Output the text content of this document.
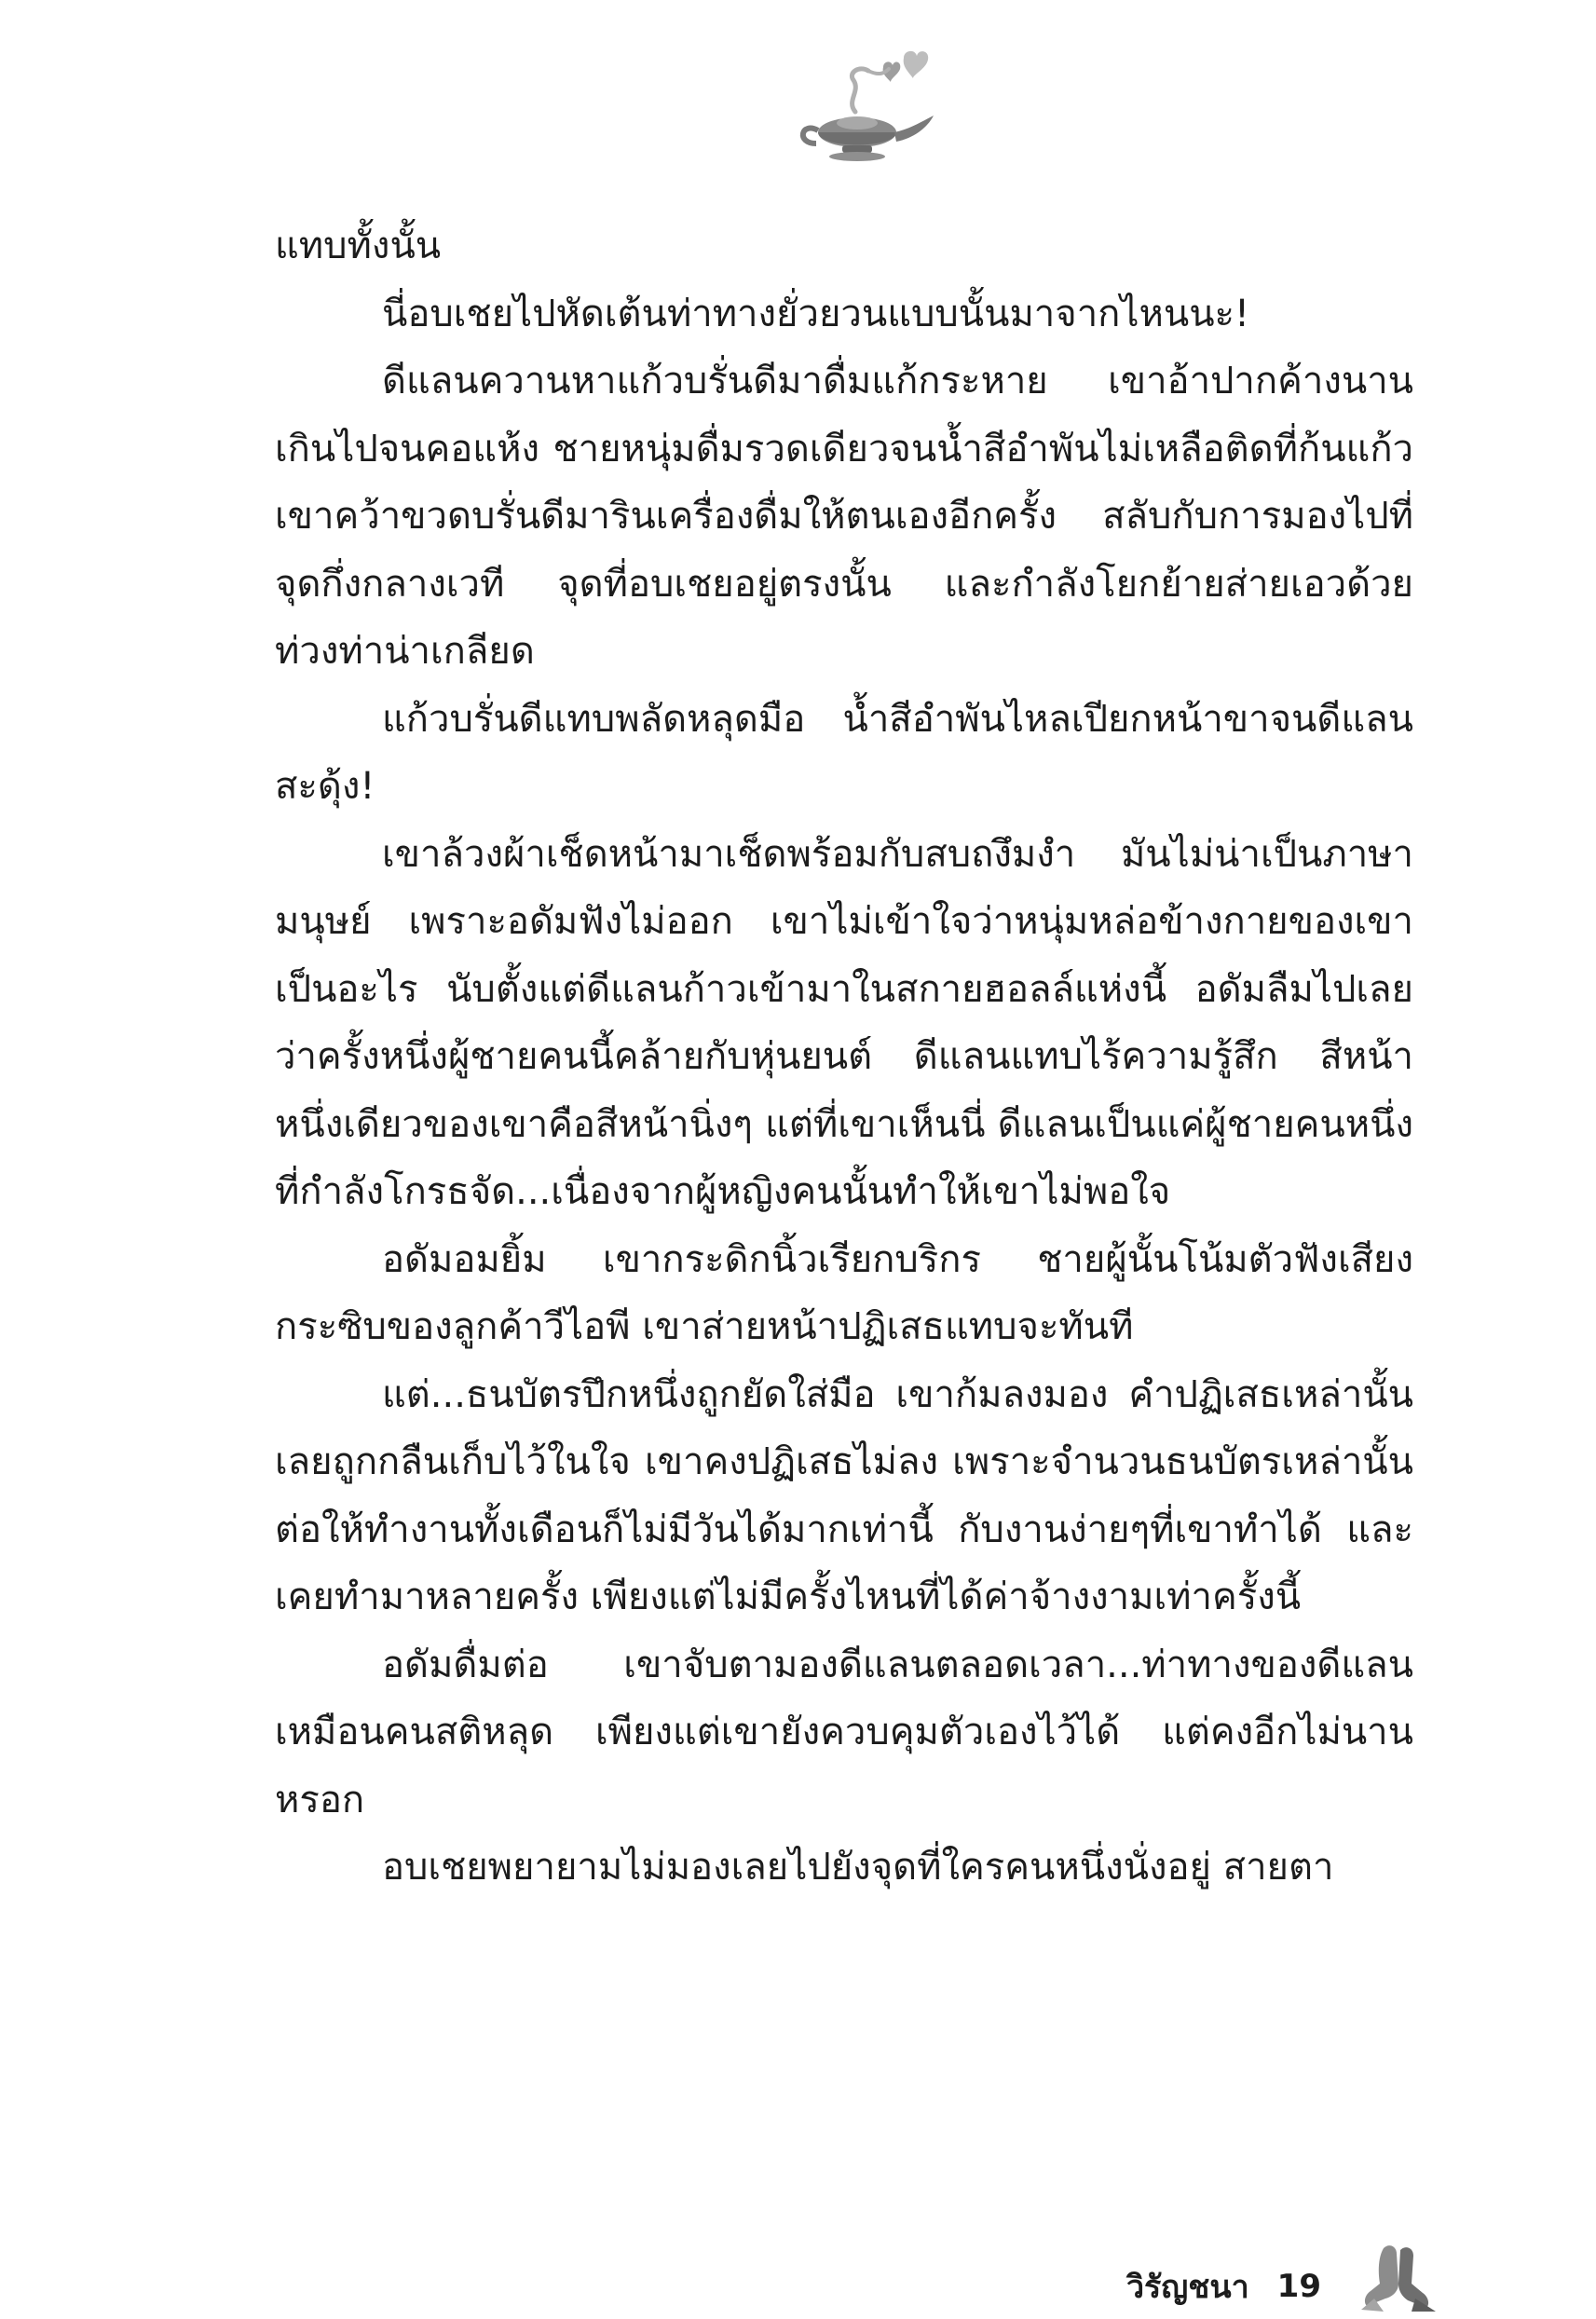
แทบทั้งนั้น

นี่อบเชยไปหัดเต้นท่าทางยั่วยวนแบบนั้นมาจากไหนนะ!

ดีแลนควานหาแก้วบรั่นดีมาดื่มแก้กระหาย เขาอ้าปากค้างนานเกินไปจนคอแห้ง ชายหนุ่มดื่มรวดเดียวจนน้ำสีอำพันไม่เหลือติดที่ก้นแก้ว เขาคว้าขวดบรั่นดีมารินเครื่องดื่มให้ตนเองอีกครั้ง สลับกับการมองไปที่จุดกึ่งกลางเวที จุดที่อบเชยอยู่ตรงนั้น และกำลังโยกย้ายส่ายเอวด้วยท่วงท่าน่าเกลียด

แก้วบรั่นดีแทบพลัดหลุดมือ น้ำสีอำพันไหลเปียกหน้าขาจนดีแลนสะดุ้ง!

เขาล้วงผ้าเช็ดหน้ามาเช็ดพร้อมกับสบถงึมงำ มันไม่น่าเป็นภาษามนุษย์ เพราะอดัมฟังไม่ออก เขาไม่เข้าใจว่าหนุ่มหล่อข้างกายของเขาเป็นอะไร นับตั้งแต่ดีแลนก้าวเข้ามาในสกายฮอลล์แห่งนี้ อดัมลืมไปเลยว่าครั้งหนึ่งผู้ชายคนนี้คล้ายกับหุ่นยนต์ ดีแลนแทบไร้ความรู้สึก สีหน้าหนึ่งเดียวของเขาคือสีหน้านิ่งๆ แต่ที่เขาเห็นนี่ ดีแลนเป็นแค่ผู้ชายคนหนึ่งที่กำลังโกรธจัด...เนื่องจากผู้หญิงคนนั้นทำให้เขาไม่พอใจ

อดัมอมยิ้ม เขากระดิกนิ้วเรียกบริกร ชายผู้นั้นโน้มตัวฟังเสียงกระซิบของลูกค้าวีไอพี เขาส่ายหน้าปฏิเสธแทบจะทันที

แต่...ธนบัตรปึกหนึ่งถูกยัดใส่มือ เขาก้มลงมอง คำปฏิเสธเหล่านั้นเลยถูกกลืนเก็บไว้ในใจ เขาคงปฏิเสธไม่ลง เพราะจำนวนธนบัตรเหล่านั้น ต่อให้ทำงานทั้งเดือนก็ไม่มีวันได้มากเท่านี้ กับงานง่ายๆที่เขาทำได้ และเคยทำมาหลายครั้ง เพียงแต่ไม่มีครั้งไหนที่ได้ค่าจ้างงามเท่าครั้งนี้

อดัมดื่มต่อ เขาจับตามองดีแลนตลอดเวลา...ท่าทางของดีแลนเหมือนคนสติหลุด เพียงแต่เขายังควบคุมตัวเองไว้ได้ แต่คงอีกไม่นานหรอก

อบเชยพยายามไม่มองเลยไปยังจุดที่ใครคนหนึ่งนั่งอยู่ สายตา

วิรัญชนา 19
